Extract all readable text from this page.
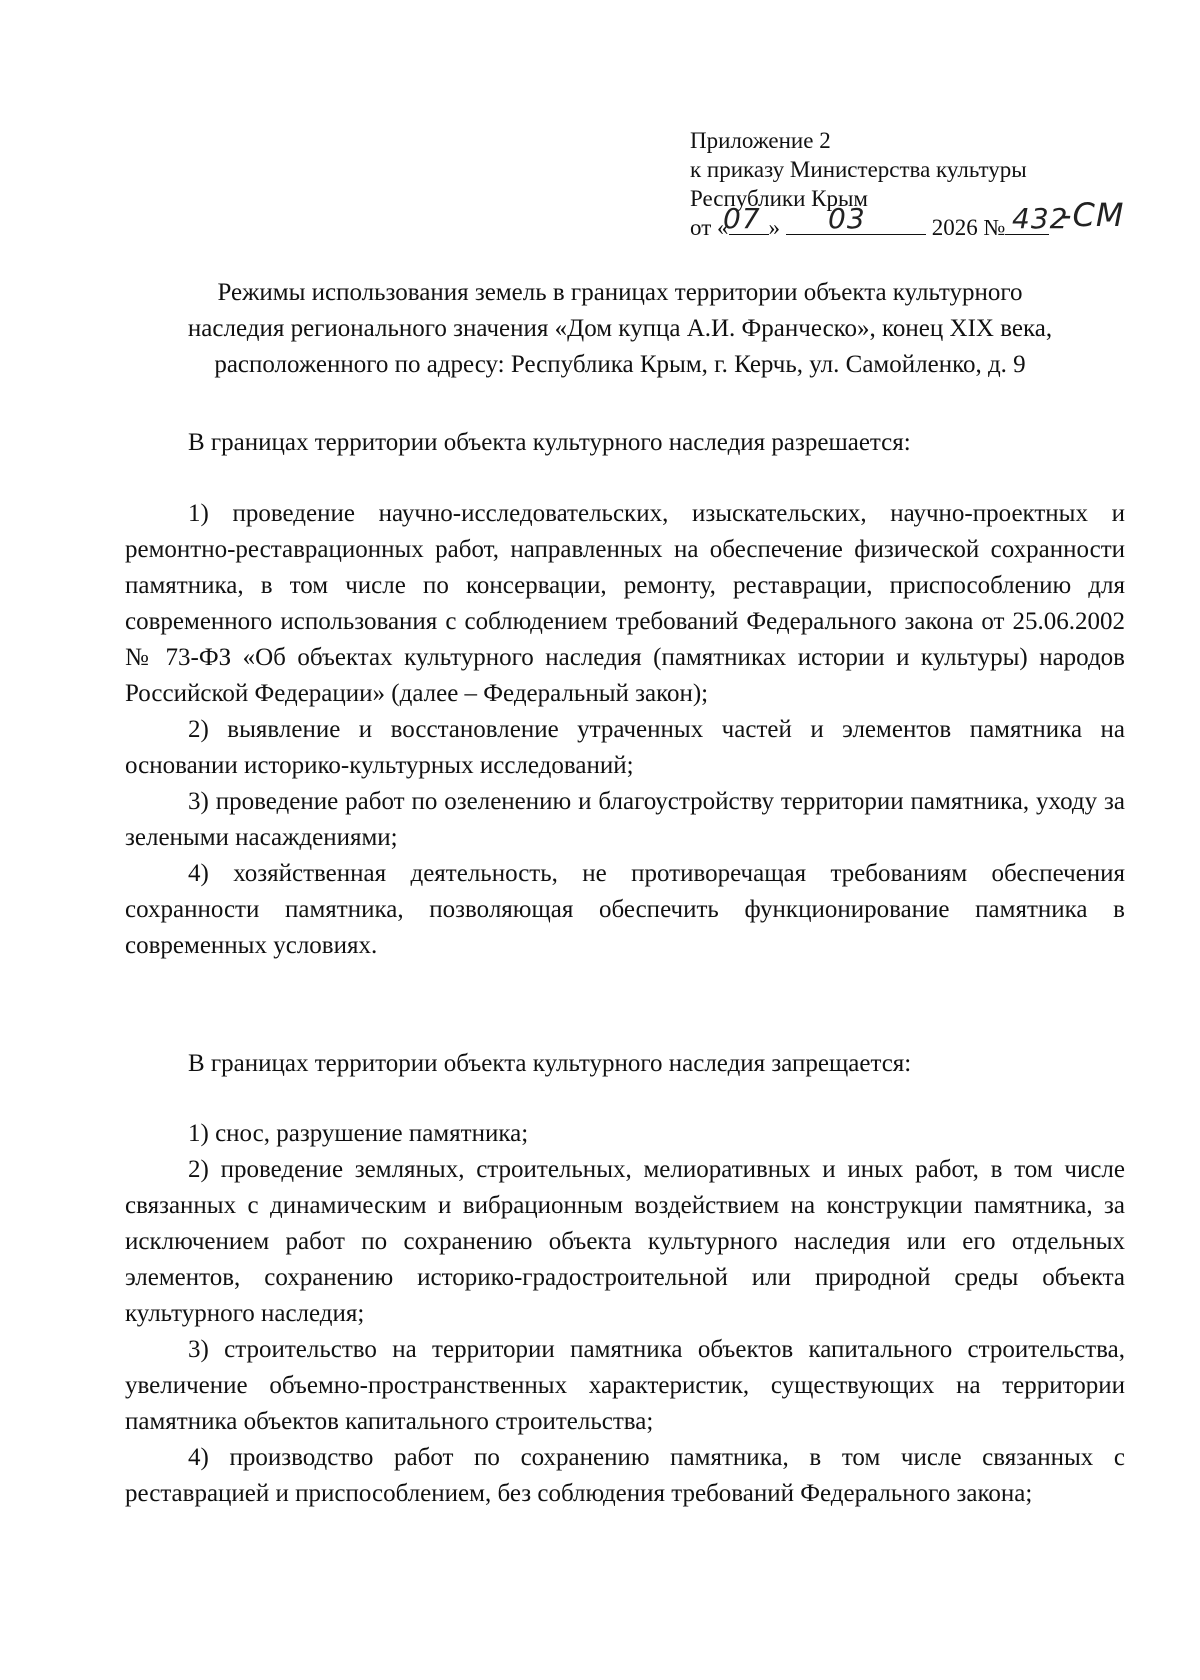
Приложение 2
к приказу Министерства культуры
Республики Крым
от « »	2026 №
07 03	432
-СМ
Режимы использования земель в границах территории объекта культурного
наследия регионального значения «Дом купца А.И. Франческо», конец XIX века,
расположенного по адресу: Республика Крым, г. Керчь, ул. Самойленко, д. 9

В границах территории объекта культурного наследия разрешается:

1) проведение научно-исследовательских, изыскательских, научно-проектных и ремонтно-реставрационных работ, направленных на обеспечение физической сохранности памятника, в том числе по консервации, ремонту, реставрации, приспособлению для современного использования с соблюдением требований Федерального закона от 25.06.2002 № 73-ФЗ «Об объектах культурного наследия (памятниках истории и культуры) народов Российской Федерации» (далее – Федеральный закон);

2) выявление и восстановление утраченных частей и элементов памятника на основании историко-культурных исследований;

3) проведение работ по озеленению и благоустройству территории памятника, уходу за зелеными насаждениями;

4) хозяйственная деятельность, не противоречащая требованиям обеспечения сохранности памятника, позволяющая обеспечить функционирование памятника в современных условиях.

В границах территории объекта культурного наследия запрещается:

1) снос, разрушение памятника;

2) проведение земляных, строительных, мелиоративных и иных работ, в том числе связанных с динамическим и вибрационным воздействием на конструкции памятника, за исключением работ по сохранению объекта культурного наследия или его отдельных элементов, сохранению историко-градостроительной или природной среды объекта культурного наследия;

3) строительство на территории памятника объектов капитального строительства, увеличение объемно-пространственных характеристик, существующих на территории памятника объектов капитального строительства;

4) производство работ по сохранению памятника, в том числе связанных с реставрацией и приспособлением, без соблюдения требований Федерального закона;
